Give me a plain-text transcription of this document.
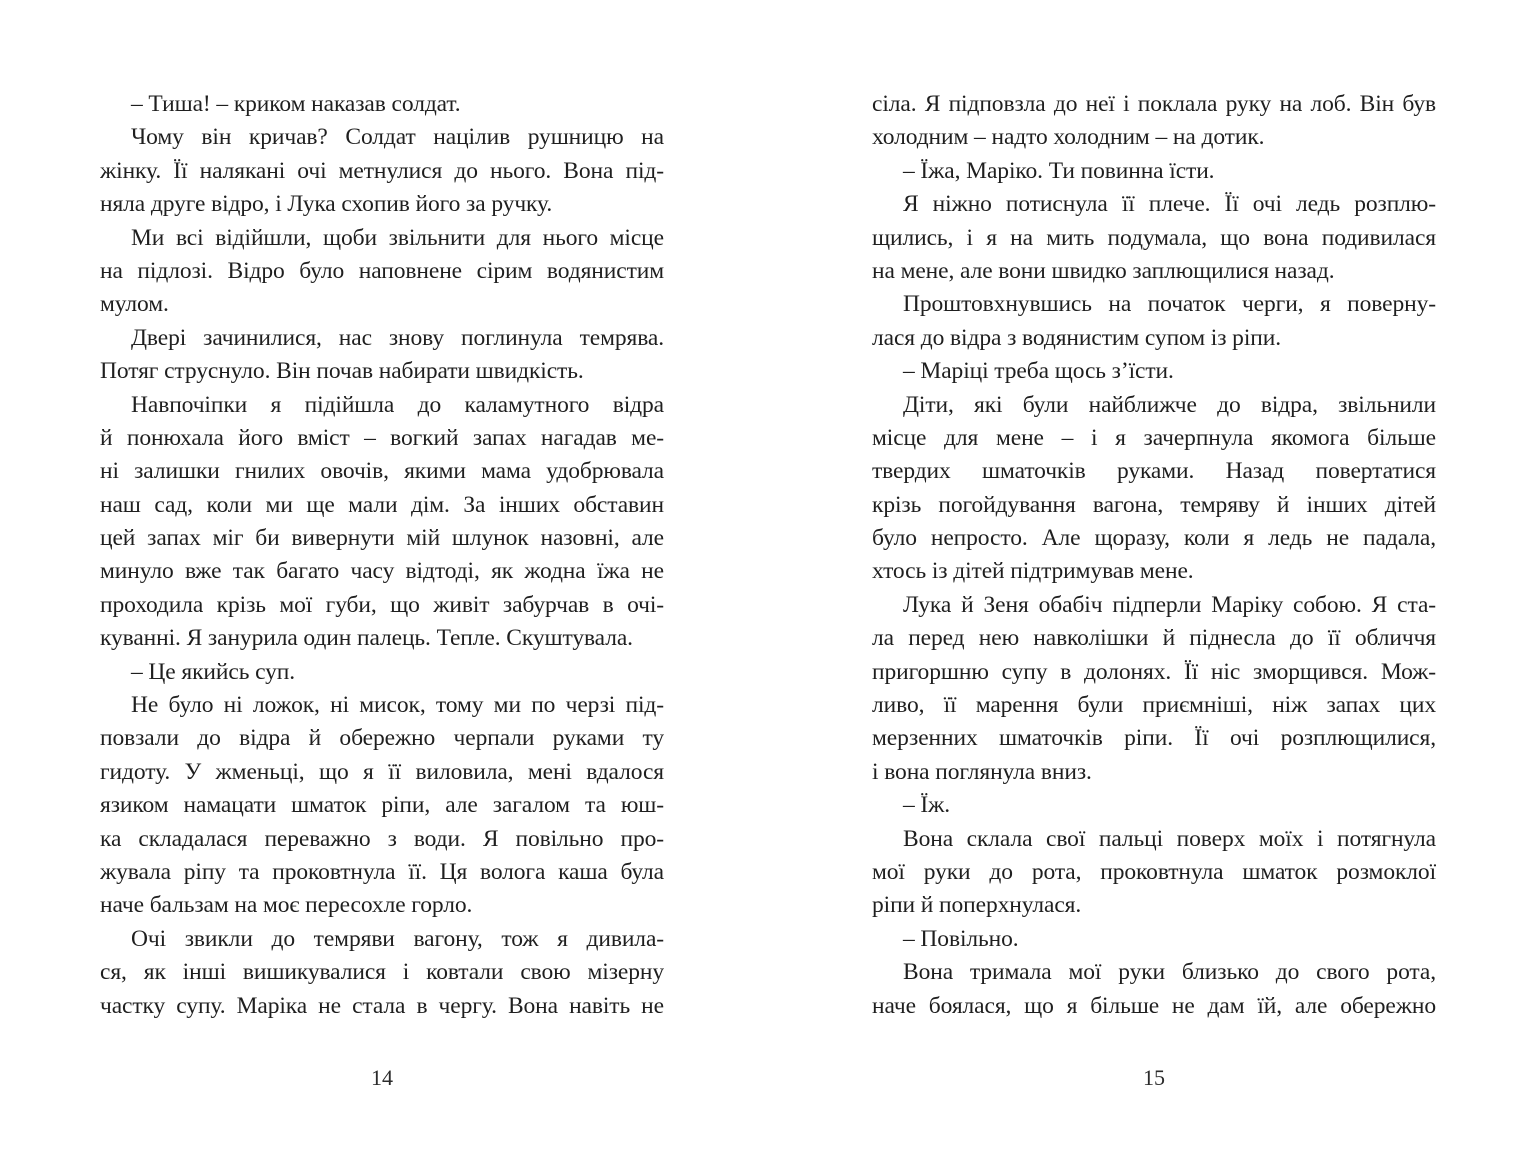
– Тиша! – криком наказав солдат.
Чому він кричав? Солдат націлив рушницю на
жінку. Її налякані очі метнулися до нього. Вона під-
няла друге відро, і Лука схопив його за ручку.
Ми всі відійшли, щоби звільнити для нього місце
на підлозі. Відро було наповнене сірим водянистим
мулом.
Двері зачинилися, нас знову поглинула темрява.
Потяг струснуло. Він почав набирати швидкість.
Навпочіпки я підійшла до каламутного відра
й понюхала його вміст – вогкий запах нагадав ме-
ні залишки гнилих овочів, якими мама удобрювала
наш сад, коли ми ще мали дім. За інших обставин
цей запах міг би вивернути мій шлунок назовні, але
минуло вже так багато часу відтоді, як жодна їжа не
проходила крізь мої губи, що живіт забурчав в очі-
куванні. Я занурила один палець. Тепле. Скуштувала.
– Це якийсь суп.
Не було ні ложок, ні мисок, тому ми по черзі під-
повзали до відра й обережно черпали руками ту
гидоту. У жменьці, що я її виловила, мені вдалося
язиком намацати шматок ріпи, але загалом та юш-
ка складалася переважно з води. Я повільно про-
жувала ріпу та проковтнула її. Ця волога каша була
наче бальзам на моє пересохле горло.
Очі звикли до темряви вагону, тож я дивила-
ся, як інші вишикувалися і ковтали свою мізерну
частку супу. Маріка не стала в чергу. Вона навіть не
14
сіла. Я підповзла до неї і поклала руку на лоб. Він був
холодним – надто холодним – на дотик.
– Їжа, Маріко. Ти повинна їсти.
Я ніжно потиснула її плече. Її очі ледь розплю-
щились, і я на мить подумала, що вона подивилася
на мене, але вони швидко заплющилися назад.
Проштовхнувшись на початок черги, я поверну-
лася до відра з водянистим супом із ріпи.
– Маріці треба щось з’їсти.
Діти, які були найближче до відра, звільнили
місце для мене – і я зачерпнула якомога більше
твердих шматочків руками. Назад повертатися
крізь погойдування вагона, темряву й інших дітей
було непросто. Але щоразу, коли я ледь не падала,
хтось із дітей підтримував мене.
Лука й Зеня обабіч підперли Маріку собою. Я ста-
ла перед нею навколішки й піднесла до її обличчя
пригоршню супу в долонях. Її ніс зморщився. Мож-
ливо, її марення були приємніші, ніж запах цих
мерзенних шматочків ріпи. Її очі розплющилися,
і вона поглянула вниз.
– Їж.
Вона склала свої пальці поверх моїх і потягнула
мої руки до рота, проковтнула шматок розмоклої
ріпи й поперхнулася.
– Повільно.
Вона тримала мої руки близько до свого рота,
наче боялася, що я більше не дам їй, але обережно
15
